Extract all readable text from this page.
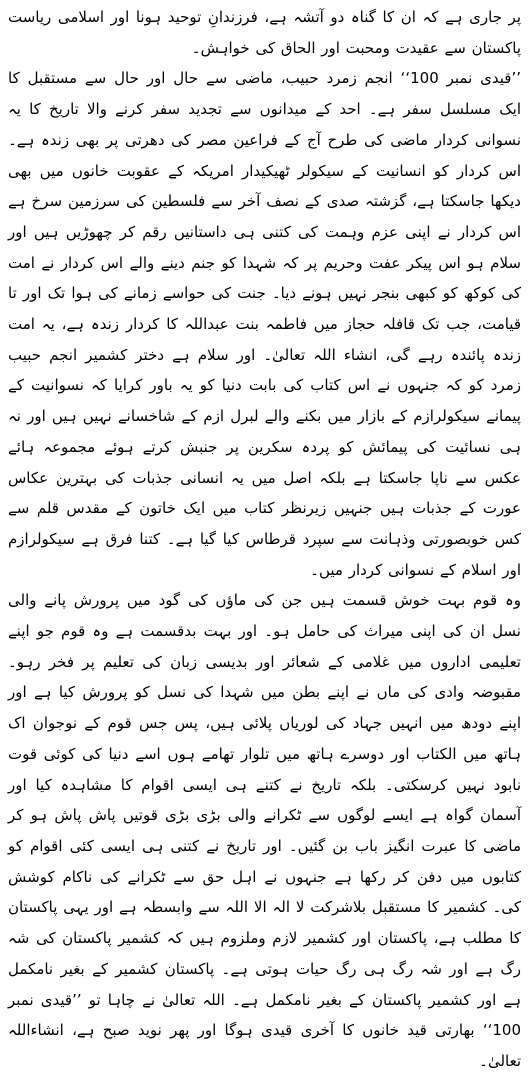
پر جاری ہے کہ ان کا گناہ دو آتشہ ہے، فرزندانِ توحید ہونا اور اسلامی ریاست پاکستان سے عقیدت ومحبت اور الحاق کی خواہش۔

’’قیدی نمبر 100‘‘ انجم زمرد حبیب، ماضی سے حال اور حال سے مستقبل کا ایک مسلسل سفر ہے۔ احد کے میدانوں سے تجدید سفر کرنے والا تاریخ کا یہ نسوانی کردار ماضی کی طرح آج کے فراعین مصر کی دھرتی پر بھی زندہ ہے۔ اس کردار کو انسانیت کے سیکولر ٹھیکیدار امریکہ کے عقوبت خانوں میں بھی دیکھا جاسکتا ہے، گزشتہ صدی کے نصف آخر سے فلسطین کی سرزمین سرخ ہے اس کردار نے اپنی عزم وہمت کی کتنی ہی داستانیں رقم کر چھوڑیں ہیں اور سلام ہو اس پیکر عفت وحریم پر کہ شہدا کو جنم دینے والے اس کردار نے امت کی کوکھ کو کبھی بنجر نہیں ہونے دیا۔ جنت کی حواسے زمانے کی ہوا تک اور تا قیامت، جب تک قافلہ حجاز میں فاطمہ بنت عبداللہ کا کردار زندہ ہے، یہ امت زندہ پائندہ رہے گی، انشاء اللہ تعالیٰ۔ اور سلام ہے دختر کشمیر انجم حبیب زمرد کو کہ جنہوں نے اس کتاب کی بابت دنیا کو یہ باور کرایا کہ نسوانیت کے پیمانے سیکولرازم کے بازار میں بکنے والے لبرل ازم کے شاخسانے نہیں ہیں اور نہ ہی نسائیت کی پیمائش کو پردہ سکرین پر جنبش کرتے ہوئے مجموعہ ہائے عکس سے ناپا جاسکتا ہے بلکہ اصل میں یہ انسانی جذبات کی بہترین عکاس عورت کے جذبات ہیں جنہیں زیرنظر کتاب میں ایک خاتون کے مقدس قلم سے کس خوبصورتی وذہانت سے سپرد قرطاس کیا گیا ہے۔ کتنا فرق ہے سیکولرازم اور اسلام کے نسوانی کردار میں۔

وہ قوم بہت خوش قسمت ہیں جن کی ماؤں کی گود میں پرورش پانے والی نسل ان کی اپنی میراث کی حامل ہو۔ اور بہت بدقسمت ہے وہ قوم جو اپنے تعلیمی اداروں میں غلامی کے شعائر اور بدیسی زبان کی تعلیم پر فخر رہو۔ مقبوضہ وادی کی ماں نے اپنے بطن میں شہدا کی نسل کو پرورش کیا ہے اور اپنے دودھ میں انہیں جہاد کی لوریاں پلائی ہیں، پس جس قوم کے نوجوان اک ہاتھ میں الکتاب اور دوسرے ہاتھ میں تلوار تھامے ہوں اسے دنیا کی کوئی قوت نابود نہیں کرسکتی۔ بلکہ تاریخ نے کتنے ہی ایسی اقوام کا مشاہدہ کیا اور آسمان گواہ ہے ایسے لوگوں سے ٹکرانے والی بڑی بڑی قوتیں پاش پاش ہو کر ماضی کا عبرت انگیز باب بن گئیں۔ اور تاریخ نے کتنی ہی ایسی کئی اقوام کو کتابوں میں دفن کر رکھا ہے جنہوں نے اہل حق سے ٹکرانے کی ناکام کوشش کی۔ کشمیر کا مستقبل بلاشرکت لا الہ الا اللہ سے وابسطہ ہے اور یہی پاکستان کا مطلب ہے، پاکستان اور کشمیر لازم وملزوم ہیں کہ کشمیر پاکستان کی شہ رگ ہے اور شہ رگ ہی رگ حیات ہوتی ہے۔ پاکستان کشمیر کے بغیر نامکمل ہے اور کشمیر پاکستان کے بغیر نامکمل ہے۔ اللہ تعالیٰ نے چاہا تو ’’قیدی نمبر 100‘‘ بھارتی قید خانوں کا آخری قیدی ہوگا اور پھر نوید صبح ہے، انشاءاللہ تعالیٰ۔
